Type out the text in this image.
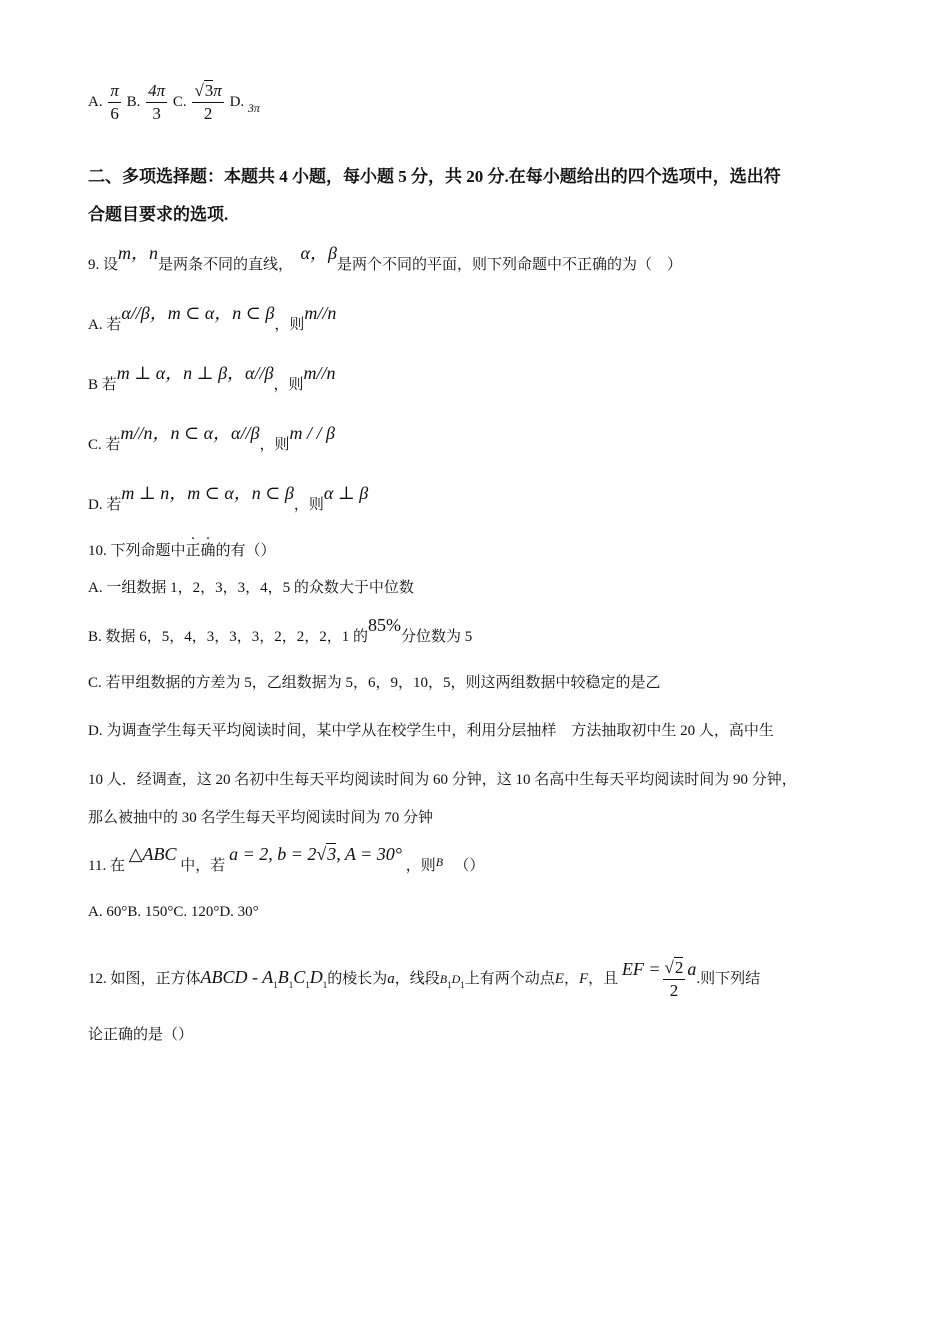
A. $\frac{\pi}{6} B$. $\frac{4\pi}{3} C$. $\frac{√3\pi}{2} D$. $_{3\pi}$
二、多项选择题：本题共 4 小题，每小题 5 分，共 20 分.在每小题给出的四个选项中，选出符
合题目要求的选项.
9. 设m，n是两条不同的直线，　α，β是两个不同的平面，则下列命题中不正确的为（　）
A. 若α//β，m ⊂ α，n ⊂ β，则m//n
B 若m ⊥ α，n ⊥ β，α//β，则m//n
C. 若m//n，n ⊂ α，α//β，则m / / β
D. 若m ⊥ n，m ⊂ α，n ⊂ β，则α ⊥ β
10. 下列命题中正确的有（）
A. 一组数据 1，2，3，3，4，5 的众数大于中位数
B. 数据 6，5，4，3，3，3，2，2，2，1 的85%分位数为 5
C. 若甲组数据的方差为 5，乙组数据为 5，6，9，10，5，则这两组数据中较稳定的是乙
D. 为调查学生每天平均阅读时间，某中学从在校学生中，利用分层抽样　方法抽取初中生 20 人，高中生
10 人．经调查，这 20 名初中生每天平均阅读时间为 60 分钟，这 10 名高中生每天平均阅读时间为 90 分钟，
那么被抽中的 30 名学生每天平均阅读时间为 70 分钟
11. 在 △ABC 中，若 a = 2, b = 2√3, A = 30° ，则$^B$ 　 （）
A. 60°B. 150°C. 120°D. 30°
12. 如图，正方体ABCD - $A_1B_1C_1D_1$的棱长为a，线段$B_1D_1$上有两个动点E，F，且 EF = $\frac{√2}{2} a$.则下列结
论正确的是（）
